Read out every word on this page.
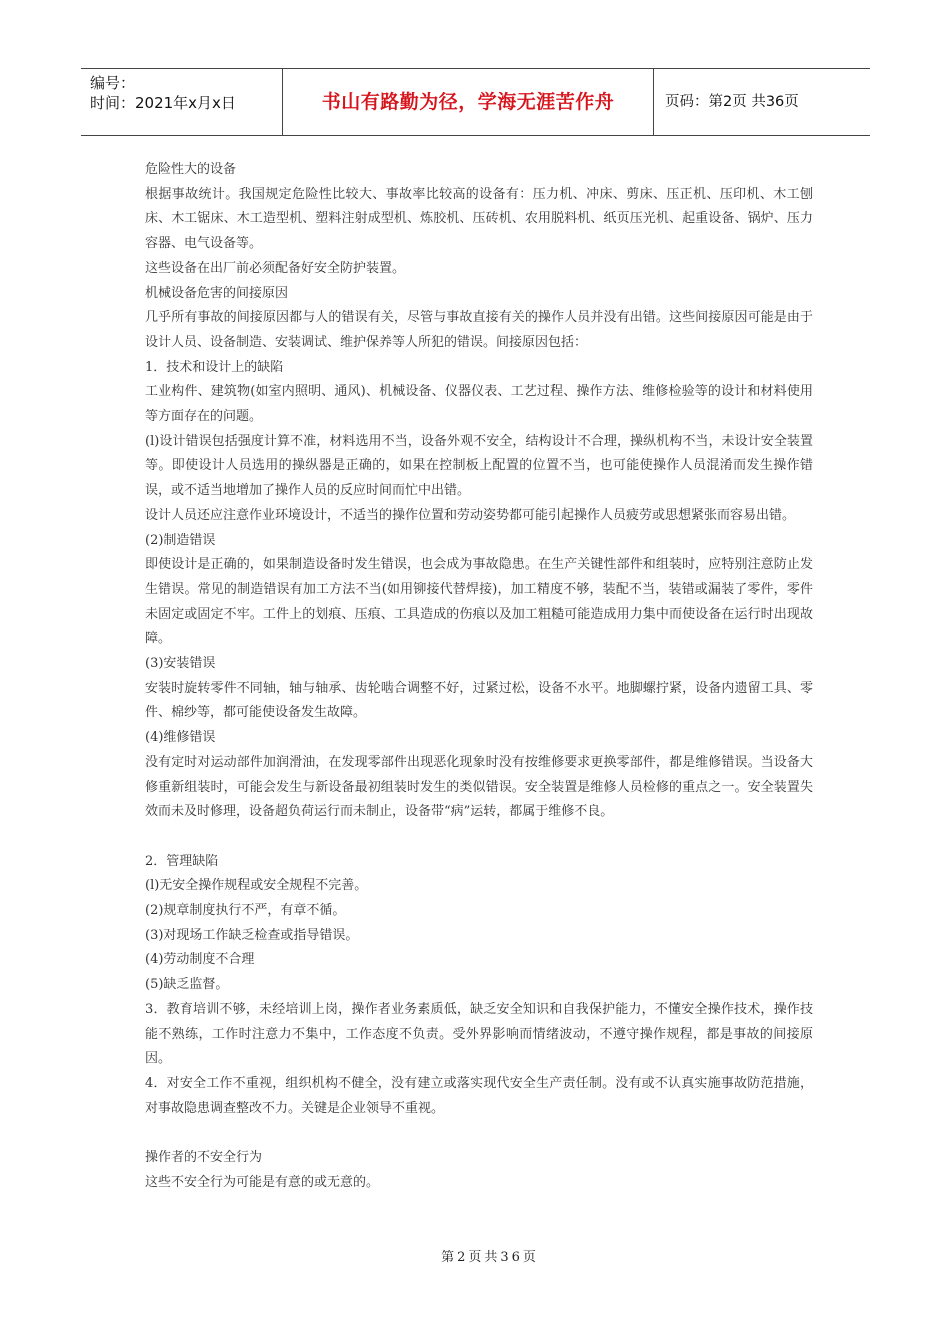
编号：
时间：2021年x月x日	书山有路勤为径，学海无涯苦作舟	页码：第2页 共36页

危险性大的设备

根据事故统计。我国规定危险性比较大、事故率比较高的设备有：压力机、冲床、剪床、压正机、压印机、木工刨床、木工锯床、木工造型机、塑料注射成型机、炼胶机、压砖机、农用脱料机、纸页压光机、起重设备、锅炉、压力容器、电气设备等。

这些设备在出厂前必须配备好安全防护装置。

机械设备危害的间接原因

几乎所有事故的间接原因都与人的错误有关，尽管与事故直接有关的操作人员并没有出错。这些间接原因可能是由于设计人员、设备制造、安装调试、维护保养等人所犯的错误。间接原因包括：

1．技术和设计上的缺陷

工业构件、建筑物(如室内照明、通风)、机械设备、仪器仪表、工艺过程、操作方法、维修检验等的设计和材料使用等方面存在的问题。

(l)设计错误包括强度计算不准，材料选用不当，设备外观不安全，结构设计不合理，操纵机构不当，未设计安全装置等。即使设计人员选用的操纵器是正确的，如果在控制板上配置的位置不当，也可能使操作人员混淆而发生操作错误，或不适当地增加了操作人员的反应时间而忙中出错。

设计人员还应注意作业环境设计，不适当的操作位置和劳动姿势都可能引起操作人员疲劳或思想紧张而容易出错。

(2)制造错误

即使设计是正确的，如果制造设备时发生错误，也会成为事故隐患。在生产关键性部件和组装时，应特别注意防止发生错误。常见的制造错误有加工方法不当(如用铆接代替焊接)，加工精度不够，装配不当，装错或漏装了零件，零件未固定或固定不牢。工件上的划痕、压痕、工具造成的伤痕以及加工粗糙可能造成用力集中而使设备在运行时出现故障。

(3)安装错误

安装时旋转零件不同轴，轴与轴承、齿轮啮合调整不好，过紧过松，设备不水平。地脚螺拧紧，设备内遗留工具、零件、棉纱等，都可能使设备发生故障。

(4)维修错误

没有定时对运动部件加润滑油，在发现零部件出现恶化现象时没有按维修要求更换零部件，都是维修错误。当设备大修重新组装时，可能会发生与新设备最初组装时发生的类似错误。安全装置是维修人员检修的重点之一。安全装置失效而未及时修理，设备超负荷运行而未制止，设备带“病”运转，都属于维修不良。

2．管理缺陷

(l)无安全操作规程或安全规程不完善。

(2)规章制度执行不严，有章不循。

(3)对现场工作缺乏检查或指导错误。

(4)劳动制度不合理

(5)缺乏监督。

3．教育培训不够，未经培训上岗，操作者业务素质低，缺乏安全知识和自我保护能力，不懂安全操作技术，操作技能不熟练，工作时注意力不集中，工作态度不负责。受外界影响而情绪波动，不遵守操作规程，都是事故的间接原因。

4．对安全工作不重视，组织机构不健全，没有建立或落实现代安全生产责任制。没有或不认真实施事故防范措施，对事故隐患调查整改不力。关键是企业领导不重视。

操作者的不安全行为

这些不安全行为可能是有意的或无意的。

第2页共36页
